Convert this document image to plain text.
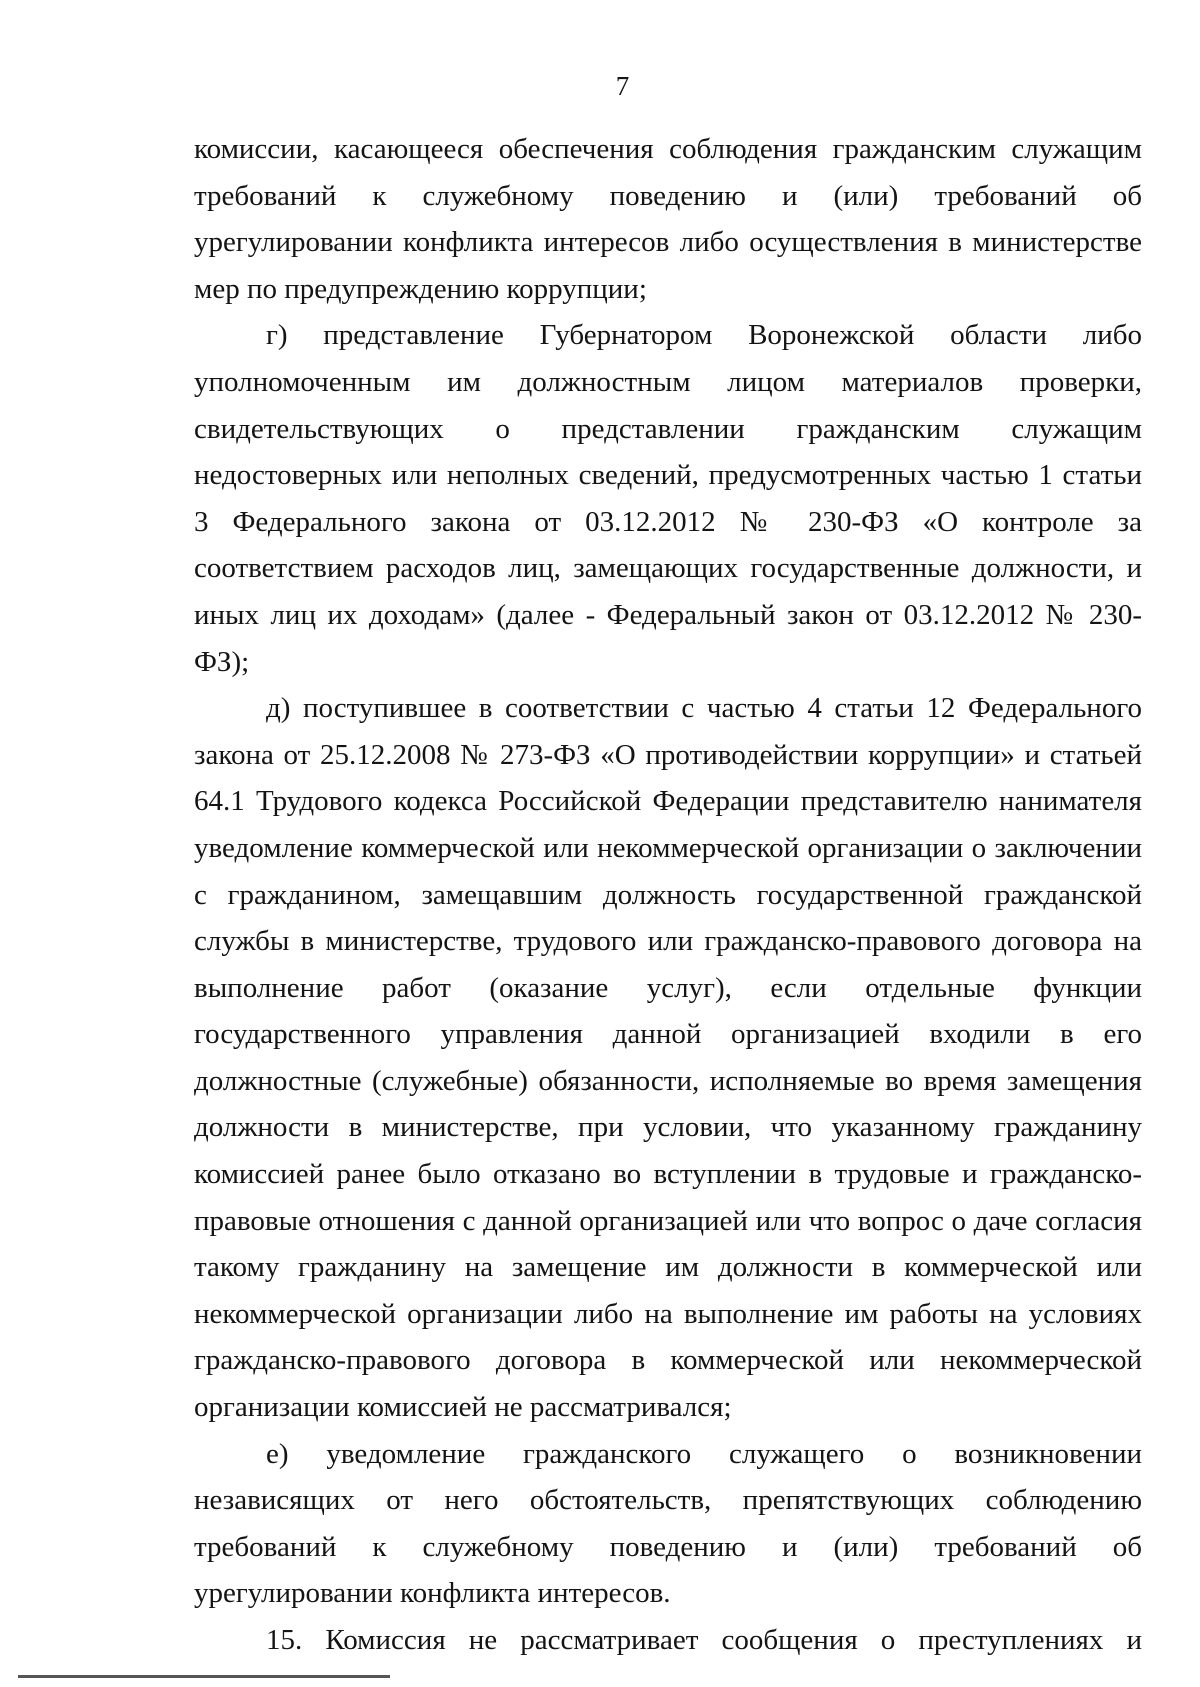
7

комиссии, касающееся обеспечения соблюдения гражданским служащим требований к служебному поведению и (или) требований об урегулировании конфликта интересов либо осуществления в министерстве мер по предупреждению коррупции;

г) представление Губернатором Воронежской области либо уполномоченным им должностным лицом материалов проверки, свидетельствующих о представлении гражданским служащим недостоверных или неполных сведений, предусмотренных частью 1 статьи 3 Федерального закона от 03.12.2012 № 230-ФЗ «О контроле за соответствием расходов лиц, замещающих государственные должности, и иных лиц их доходам» (далее - Федеральный закон от 03.12.2012 № 230-ФЗ);

д) поступившее в соответствии с частью 4 статьи 12 Федерального закона от 25.12.2008 № 273-ФЗ «О противодействии коррупции» и статьей 64.1 Трудового кодекса Российской Федерации представителю нанимателя уведомление коммерческой или некоммерческой организации о заключении с гражданином, замещавшим должность государственной гражданской службы в министерстве, трудового или гражданско-правового договора на выполнение работ (оказание услуг), если отдельные функции государственного управления данной организацией входили в его должностные (служебные) обязанности, исполняемые во время замещения должности в министерстве, при условии, что указанному гражданину комиссией ранее было отказано во вступлении в трудовые и гражданско-правовые отношения с данной организацией или что вопрос о даче согласия такому гражданину на замещение им должности в коммерческой или некоммерческой организации либо на выполнение им работы на условиях гражданско-правового договора в коммерческой или некоммерческой организации комиссией не рассматривался;

е) уведомление гражданского служащего о возникновении независящих от него обстоятельств, препятствующих соблюдению требований к служебному поведению и (или) требований об урегулировании конфликта интересов.

15. Комиссия не рассматривает сообщения о преступлениях и
